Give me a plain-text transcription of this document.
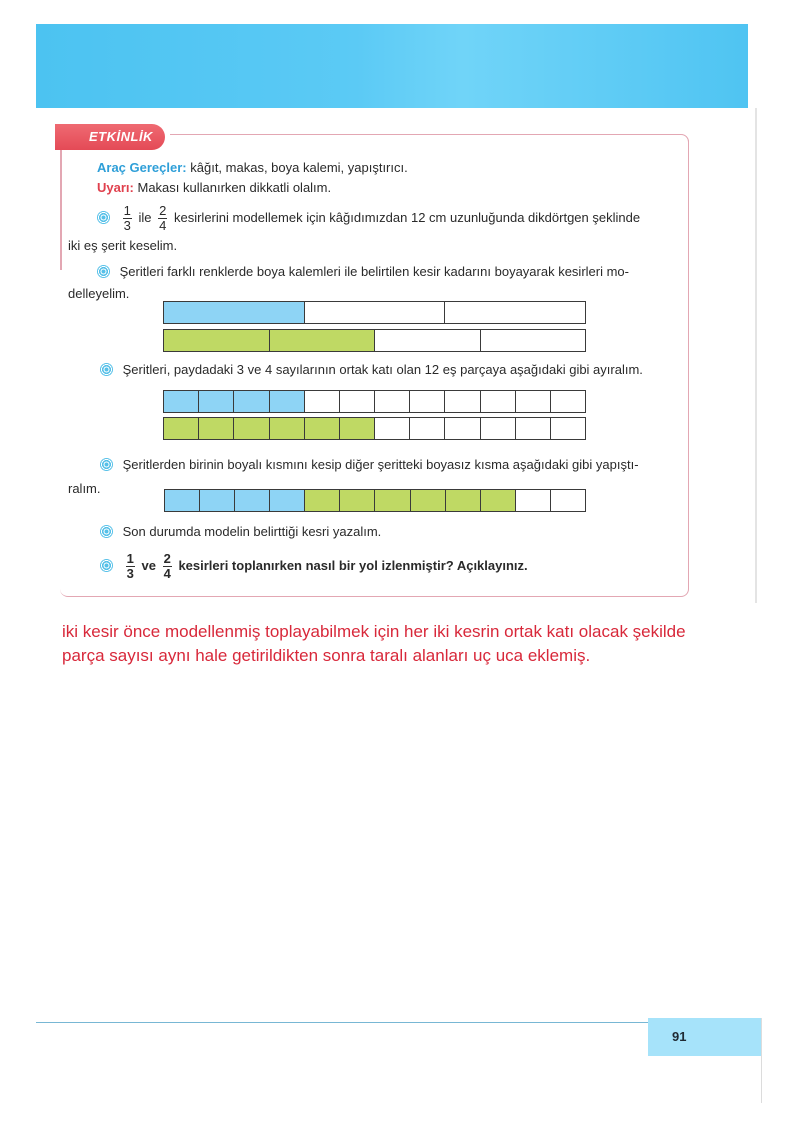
ETKİNLİK
Araç Gereçler: kâğıt, makas, boya kalemi, yapıştırıcı.
Uyarı: Makası kullanırken dikkatli olalım.

$\frac{1}{3}$ ile $\frac{2}{4}$ kesirlerini modellemek için kâğıdımızdan 12 cm uzunluğunda dikdörtgen şeklinde
iki eş şerit keselim.
Şeritleri farklı renklerde boya kalemleri ile belirtilen kesir kadarını boyayarak kesirleri mo-
delleyelim.
Şeritleri, paydadaki 3 ve 4 sayılarının ortak katı olan 12 eş parçaya aşağıdaki gibi ayıralım.
Şeritlerden birinin boyalı kısmını kesip diğer şeritteki boyasız kısma aşağıdaki gibi yapıştı-
ralım.
Son durumda modelin belirttiği kesri yazalım.

$\frac{1}{3}$ ve $\frac{2}{4}$ kesirleri toplanırken nasıl bir yol izlenmiştir? Açıklayınız.
iki kesir önce modellenmiş toplayabilmek için her iki kesrin ortak katı olacak şekilde
parça sayısı aynı hale getirildikten sonra taralı alanları uç uca eklemiş.
91
